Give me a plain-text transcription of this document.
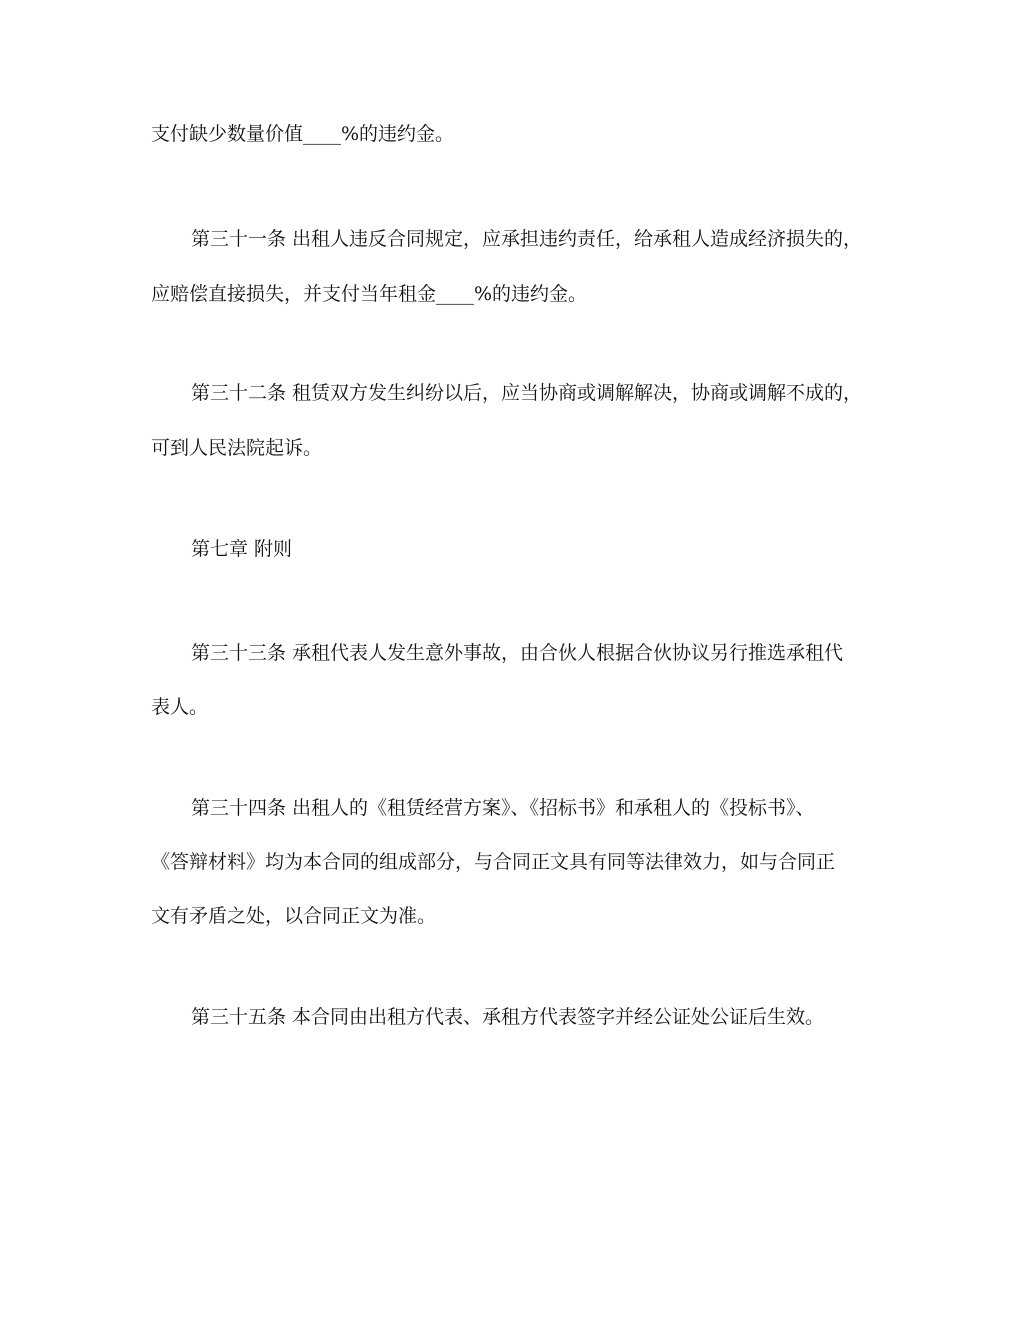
支付缺少数量价值____%的违约金。
第三十一条 出租人违反合同规定，应承担违约责任，给承租人造成经济损失的，
应赔偿直接损失，并支付当年租金____%的违约金。
第三十二条 租赁双方发生纠纷以后，应当协商或调解解决，协商或调解不成的，
可到人民法院起诉。
第七章 附则
第三十三条 承租代表人发生意外事故，由合伙人根据合伙协议另行推选承租代
表人。
第三十四条 出租人的《租赁经营方案》、《招标书》和承租人的《投标书》、
《答辩材料》均为本合同的组成部分，与合同正文具有同等法律效力，如与合同正
文有矛盾之处，以合同正文为准。
第三十五条 本合同由出租方代表、承租方代表签字并经公证处公证后生效。
